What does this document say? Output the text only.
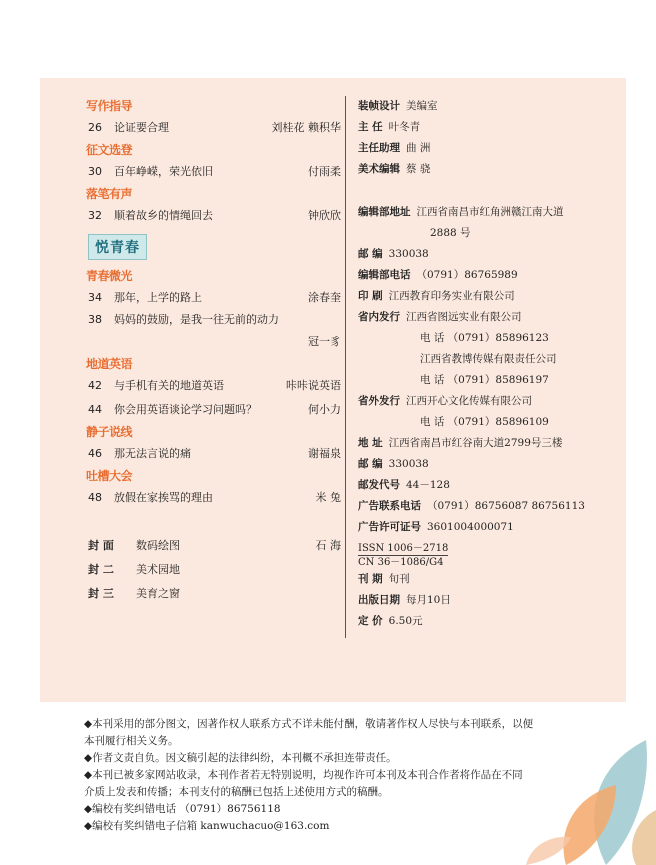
写作指导
26 论证要合理	刘桂花 赖积华
征文选登
30 百年峥嵘，荣光依旧	付雨柔
落笔有声
32 顺着故乡的情绳回去	钟欣欣
悦青春
青春微光
34 那年，上学的路上	涂春奎
38 妈妈的鼓励，是我一往无前的动力
冠一豸
地道英语
42 与手机有关的地道英语	咔咔说英语
44 你会用英语谈论学习问题吗？	何小力
静子说线
46 那无法言说的痛	谢福泉
吐槽大会
48 放假在家挨骂的理由	米 兔
封 面 数码绘图	石 海
封 二 美术园地
封 三 美育之窗
装帧设计 美编室
主 任 叶冬青
主任助理 曲 洲
美术编辑 蔡 骁
编辑部地址 江西省南昌市红角洲赣江南大道
2888 号
邮 编 330038
编辑部电话 （0791）86765989
印 刷 江西教育印务实业有限公司
省内发行 江西省图远实业有限公司
电 话 （0791）85896123
江西省教博传媒有限责任公司
电 话 （0791）85896197
省外发行 江西开心文化传媒有限公司
电 话 （0791）85896109
地 址 江西省南昌市红谷南大道2799号三楼
邮 编 330038
邮发代号 44－128
广告联系电话 （0791）86756087 86756113
广告许可证号 3601004000071
ISSN 1006－2718
CN 36－1086/G4
刊 期 旬刊
出版日期 每月10日
定 价 6.50元
◆本刊采用的部分图文，因著作权人联系方式不详未能付酬，敬请著作权人尽快与本刊联系，以便
本刊履行相关义务。
◆作者文责自负。因文稿引起的法律纠纷，本刊概不承担连带责任。
◆本刊已被多家网站收录，本刊作者若无特别说明，均视作许可本刊及本刊合作者将作品在不同
介质上发表和传播；本刊支付的稿酬已包括上述使用方式的稿酬。
◆编校有奖纠错电话 （0791）86756118
◆编校有奖纠错电子信箱 kanwuchacuo@163.com
